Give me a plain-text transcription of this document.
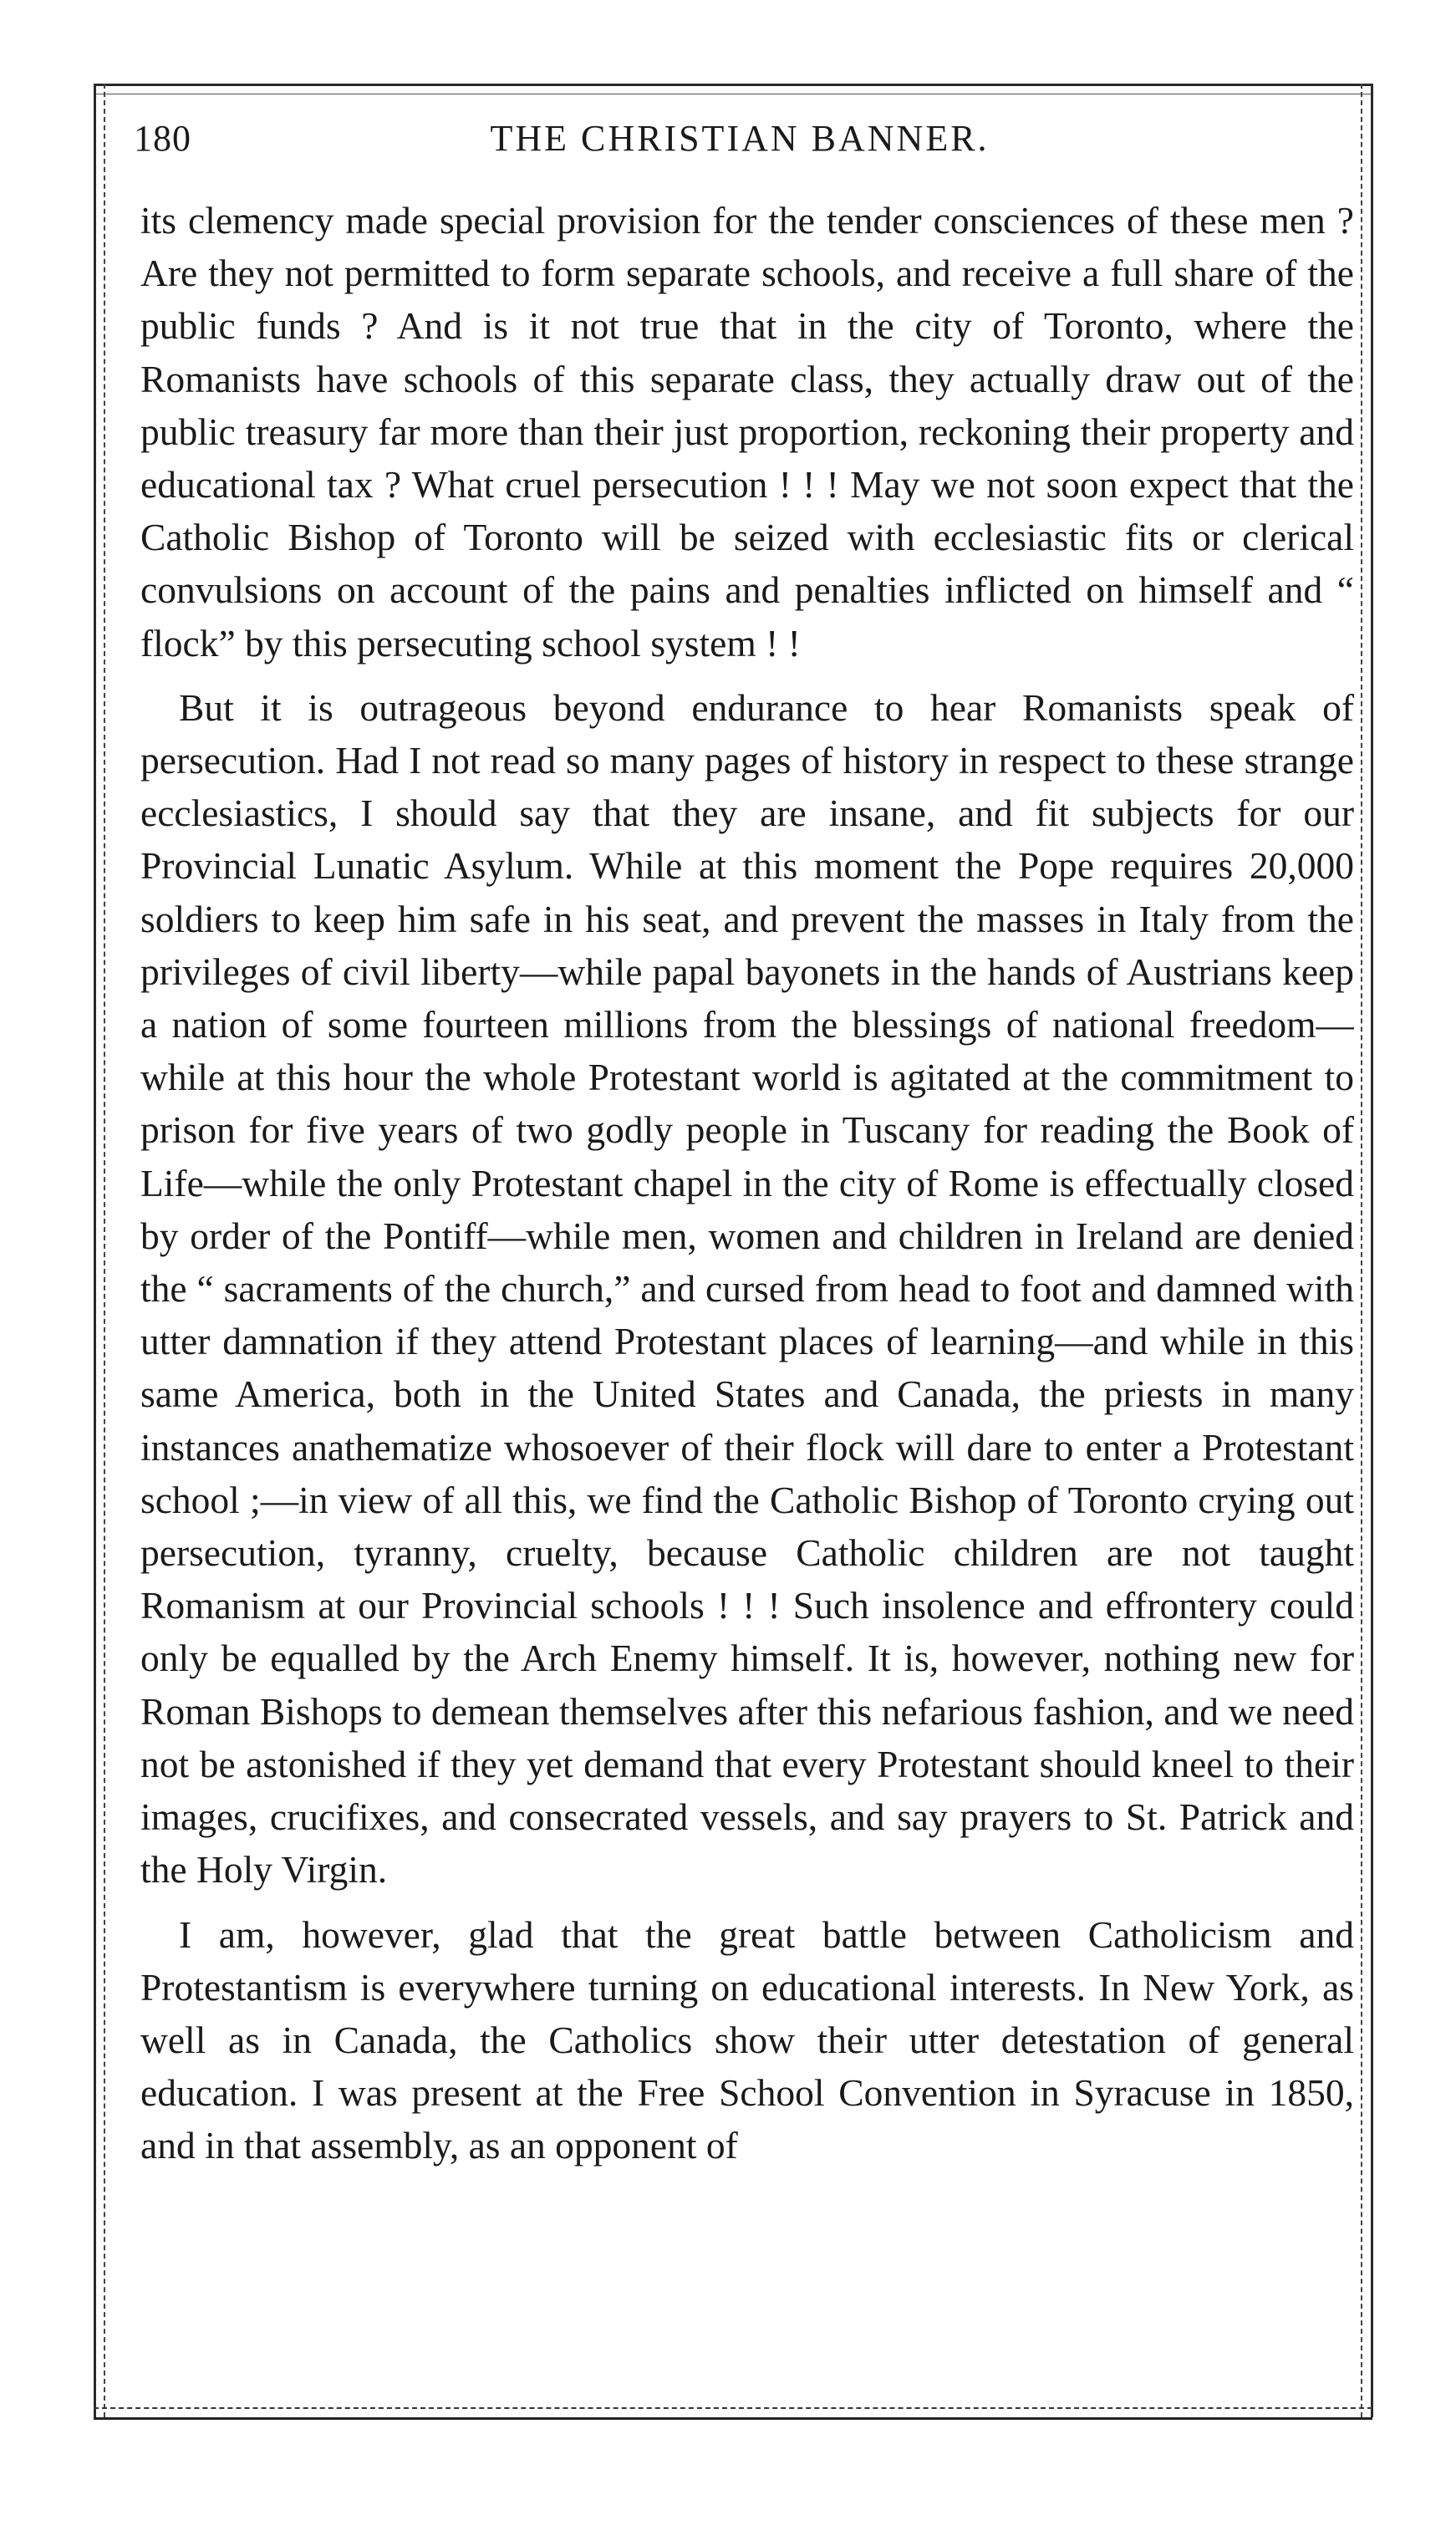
180	THE CHRISTIAN BANNER.

its clemency made special provision for the tender consciences of these men ? Are they not permitted to form separate schools, and receive a full share of the public funds ? And is it not true that in the city of Toronto, where the Romanists have schools of this separate class, they actually draw out of the public treasury far more than their just proportion, reckoning their property and educational tax ? What cruel persecution ! ! ! May we not soon expect that the Catholic Bishop of Toronto will be seized with ecclesiastic fits or clerical convulsions on account of the pains and penalties inflicted on himself and “ flock” by this persecuting school system ! !

But it is outrageous beyond endurance to hear Romanists speak of persecution. Had I not read so many pages of history in respect to these strange ecclesiastics, I should say that they are insane, and fit subjects for our Provincial Lunatic Asylum. While at this moment the Pope requires 20,000 soldiers to keep him safe in his seat, and prevent the masses in Italy from the privileges of civil liberty—while papal bayonets in the hands of Austrians keep a nation of some fourteen millions from the blessings of national freedom—while at this hour the whole Protestant world is agitated at the commitment to prison for five years of two godly people in Tuscany for reading the Book of Life—while the only Protestant chapel in the city of Rome is effectually closed by order of the Pontiff—while men, women and children in Ireland are denied the “ sacraments of the church,” and cursed from head to foot and damned with utter damnation if they attend Protestant places of learning—and while in this same America, both in the United States and Canada, the priests in many instances anathematize whosoever of their flock will dare to enter a Protestant school ;—in view of all this, we find the Catholic Bishop of Toronto crying out persecution, tyranny, cruelty, because Catholic children are not taught Romanism at our Provincial schools ! ! ! Such insolence and effrontery could only be equalled by the Arch Enemy himself. It is, however, nothing new for Roman Bishops to demean themselves after this nefarious fashion, and we need not be astonished if they yet demand that every Protestant should kneel to their images, crucifixes, and consecrated vessels, and say prayers to St. Patrick and the Holy Virgin.

I am, however, glad that the great battle between Catholicism and Protestantism is everywhere turning on educational interests. In New York, as well as in Canada, the Catholics show their utter detestation of general education. I was present at the Free School Convention in Syracuse in 1850, and in that assembly, as an opponent of
